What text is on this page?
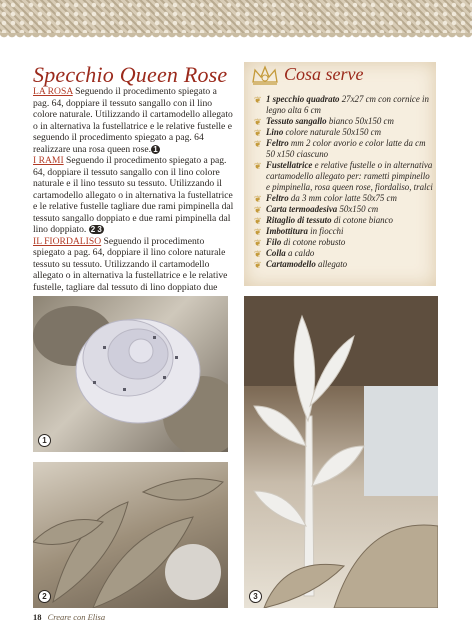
Specchio Queen Rose

LA ROSA Seguendo il procedimento spiegato a pag. 64, doppiare il tessuto sangallo con il lino colore naturale. Utilizzando il cartamodello allegato o in alternativa la fustellatrice e le relative fustelle e seguendo il procedimento spiegato a pag. 64 realizzare una rosa queen rose. 1

I RAMI Seguendo il procedimento spiegato a pag. 64, doppiare il tessuto sangallo con il lino colore naturale e il lino tessuto su tessuto. Utilizzando il cartamodello allegato o in alternativa la fustellatrice e le relative fustelle tagliare due rami pimpinella dal tessuto sangallo doppiato e due rami pimpinella dal lino doppiato. 2 3

IL FIORDALISO Seguendo il procedimento spiegato a pag. 64, doppiare il lino colore naturale tessuto su tessuto. Utilizzando il cartamodello allegato o in alternativa la fustellatrice e le relative fustelle, tagliare dal tessuto di lino doppiato due

Cosa serve
❦ 1 specchio quadrato 27x27 cm con cornice in legno alta 6 cm
❦ Tessuto sangallo bianco 50x150 cm
❦ Lino colore naturale 50x150 cm
❦ Feltro mm 2 color avorio e color latte da cm 50 x150 ciascuno
❦ Fustellatrice e relative fustelle o in alternativa cartamodello allegato per: rametti pimpinello e pimpinella, rosa queen rose, fiordaliso, tralci
❦ Feltro da 3 mm color latte 50x75 cm
❦ Carta termoadesiva 50x150 cm
❦ Ritaglio di tessuto di cotone bianco
❦ Imbottitura in fiocchi
❦ Filo di cotone robusto
❦ Colla a caldo
❦ Cartamodello allegato
1
2	3
18 Creare con Elisa
